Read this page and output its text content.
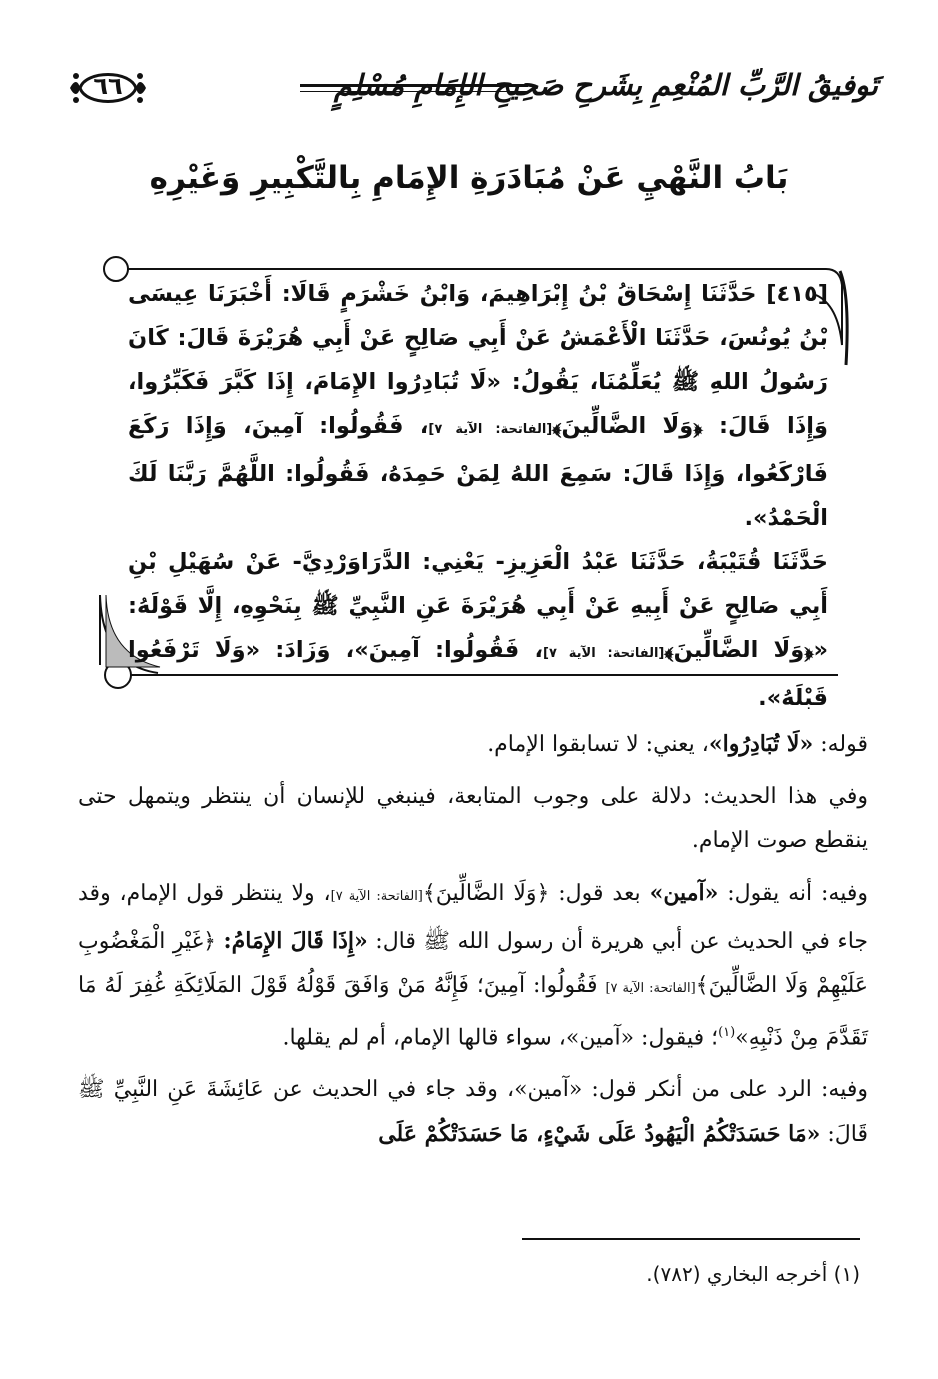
تَوفيقُ الرَّبِّ المُنْعِمِ بِشَرحِ صَحِيحِ الإِمَامِ مُسْلِمٍ
٦٦
بَابُ النَّهْيِ عَنْ مُبَادَرَةِ الإِمَامِ بِالتَّكْبِيرِ وَغَيْرِهِ

[٤١٥] حَدَّثَنَا إِسْحَاقُ بْنُ إِبْرَاهِيمَ، وَابْنُ خَشْرَمٍ قَالَا: أَخْبَرَنَا عِيسَى بْنُ يُونُسَ، حَدَّثَنَا الْأَعْمَشُ عَنْ أَبِي صَالِحٍ عَنْ أَبِي هُرَيْرَةَ قَالَ: كَانَ رَسُولُ اللهِ ﷺ يُعَلِّمُنَا، يَقُولُ: «لَا تُبَادِرُوا الإِمَامَ، إِذَا كَبَّرَ فَكَبِّرُوا، وَإِذَا قَالَ: ﴿وَلَا الضَّالِّينَ﴾[الفاتحة: الآية ٧]، فَقُولُوا: آمِينَ، وَإِذَا رَكَعَ فَارْكَعُوا، وَإِذَا قَالَ: سَمِعَ اللهُ لِمَنْ حَمِدَهُ، فَقُولُوا: اللَّهُمَّ رَبَّنَا لَكَ الْحَمْدُ».

حَدَّثَنَا قُتَيْبَةُ، حَدَّثَنَا عَبْدُ الْعَزِيزِ- يَعْنِي: الدَّرَاوَرْدِيَّ- عَنْ سُهَيْلِ بْنِ أَبِي صَالِحٍ عَنْ أَبِيهِ عَنْ أَبِي هُرَيْرَةَ عَنِ النَّبِيِّ ﷺ بِنَحْوِهِ، إِلَّا قَوْلَهُ: «﴿وَلَا الضَّالِّينَ﴾[الفاتحة: الآية ٧]، فَقُولُوا: آمِينَ»، وَزَادَ: «وَلَا تَرْفَعُوا قَبْلَهُ».

قوله: «لَا تُبَادِرُوا»، يعني: لا تسابقوا الإمام.

وفي هذا الحديث: دلالة على وجوب المتابعة، فينبغي للإنسان أن ينتظر ويتمهل حتى ينقطع صوت الإمام.

وفيه: أنه يقول: «آمين» بعد قول: ﴿وَلَا الضَّالِّينَ﴾[الفاتحة: الآية ٧]، ولا ينتظر قول الإمام، وقد جاء في الحديث عن أبي هريرة أن رسول الله ﷺ قال: «إِذَا قَالَ الإِمَامُ: ﴿غَيْرِ الْمَغْضُوبِ عَلَيْهِمْ وَلَا الضَّالِّينَ﴾[الفاتحة: الآية ٧] فَقُولُوا: آمِينَ؛ فَإِنَّهُ مَنْ وَافَقَ قَوْلُهُ قَوْلَ المَلَائِكَةِ غُفِرَ لَهُ مَا تَقَدَّمَ مِنْ ذَنْبِهِ»$^{(١)}$؛ فيقول: «آمين»، سواء قالها الإمام، أم لم يقلها.

وفيه: الرد على من أنكر قول: «آمين»، وقد جاء في الحديث عن عَائِشَةَ عَنِ النَّبِيِّ ﷺ قَالَ: «مَا حَسَدَتْكُمُ الْيَهُودُ عَلَى شَيْءٍ، مَا حَسَدَتْكُمْ عَلَى

(١) أخرجه البخاري (٧٨٢).
